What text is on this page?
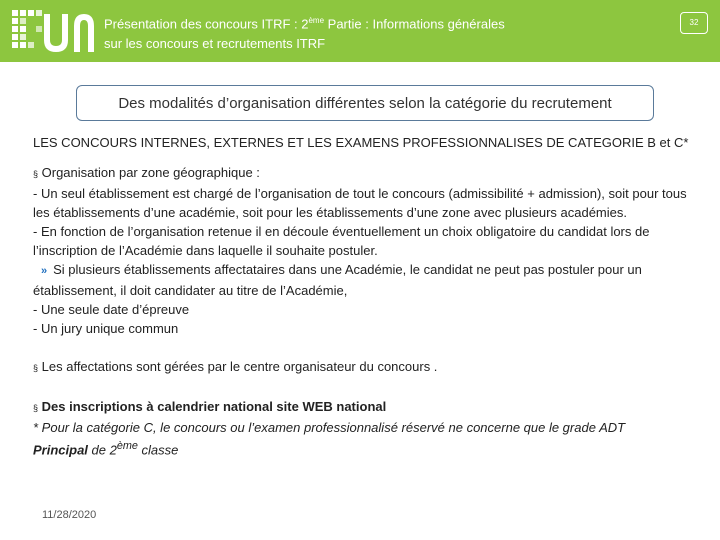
Présentation des concours ITRF : 2ème Partie : Informations générales sur les concours et recrutements ITRF
32
Des modalités d’organisation différentes selon la catégorie du recrutement

LES CONCOURS INTERNES, EXTERNES ET LES EXAMENS PROFESSIONNALISES DE CATEGORIE B et C*

§ Organisation par zone géographique :

- Un seul établissement est chargé de l’organisation de tout le concours (admissibilité + admission), soit pour tous les établissements d’une académie, soit pour les établissements d’une zone avec plusieurs académies.

- En fonction de l’organisation retenue il en découle éventuellement un choix obligatoire du candidat lors de l’inscription de l’Académie dans laquelle il souhaite postuler.

» Si plusieurs établissements affectataires dans une Académie, le candidat ne peut pas postuler pour un établissement, il doit candidater au titre de l’Académie,

- Une seule date d’épreuve

- Un jury unique commun

§ Les affectations sont gérées par le centre organisateur du concours .

§ Des inscriptions à calendrier national site WEB national

* Pour la catégorie C, le concours ou l’examen professionnalisé réservé ne concerne que le grade ADT
Principal de 2ème classe

11/28/2020
